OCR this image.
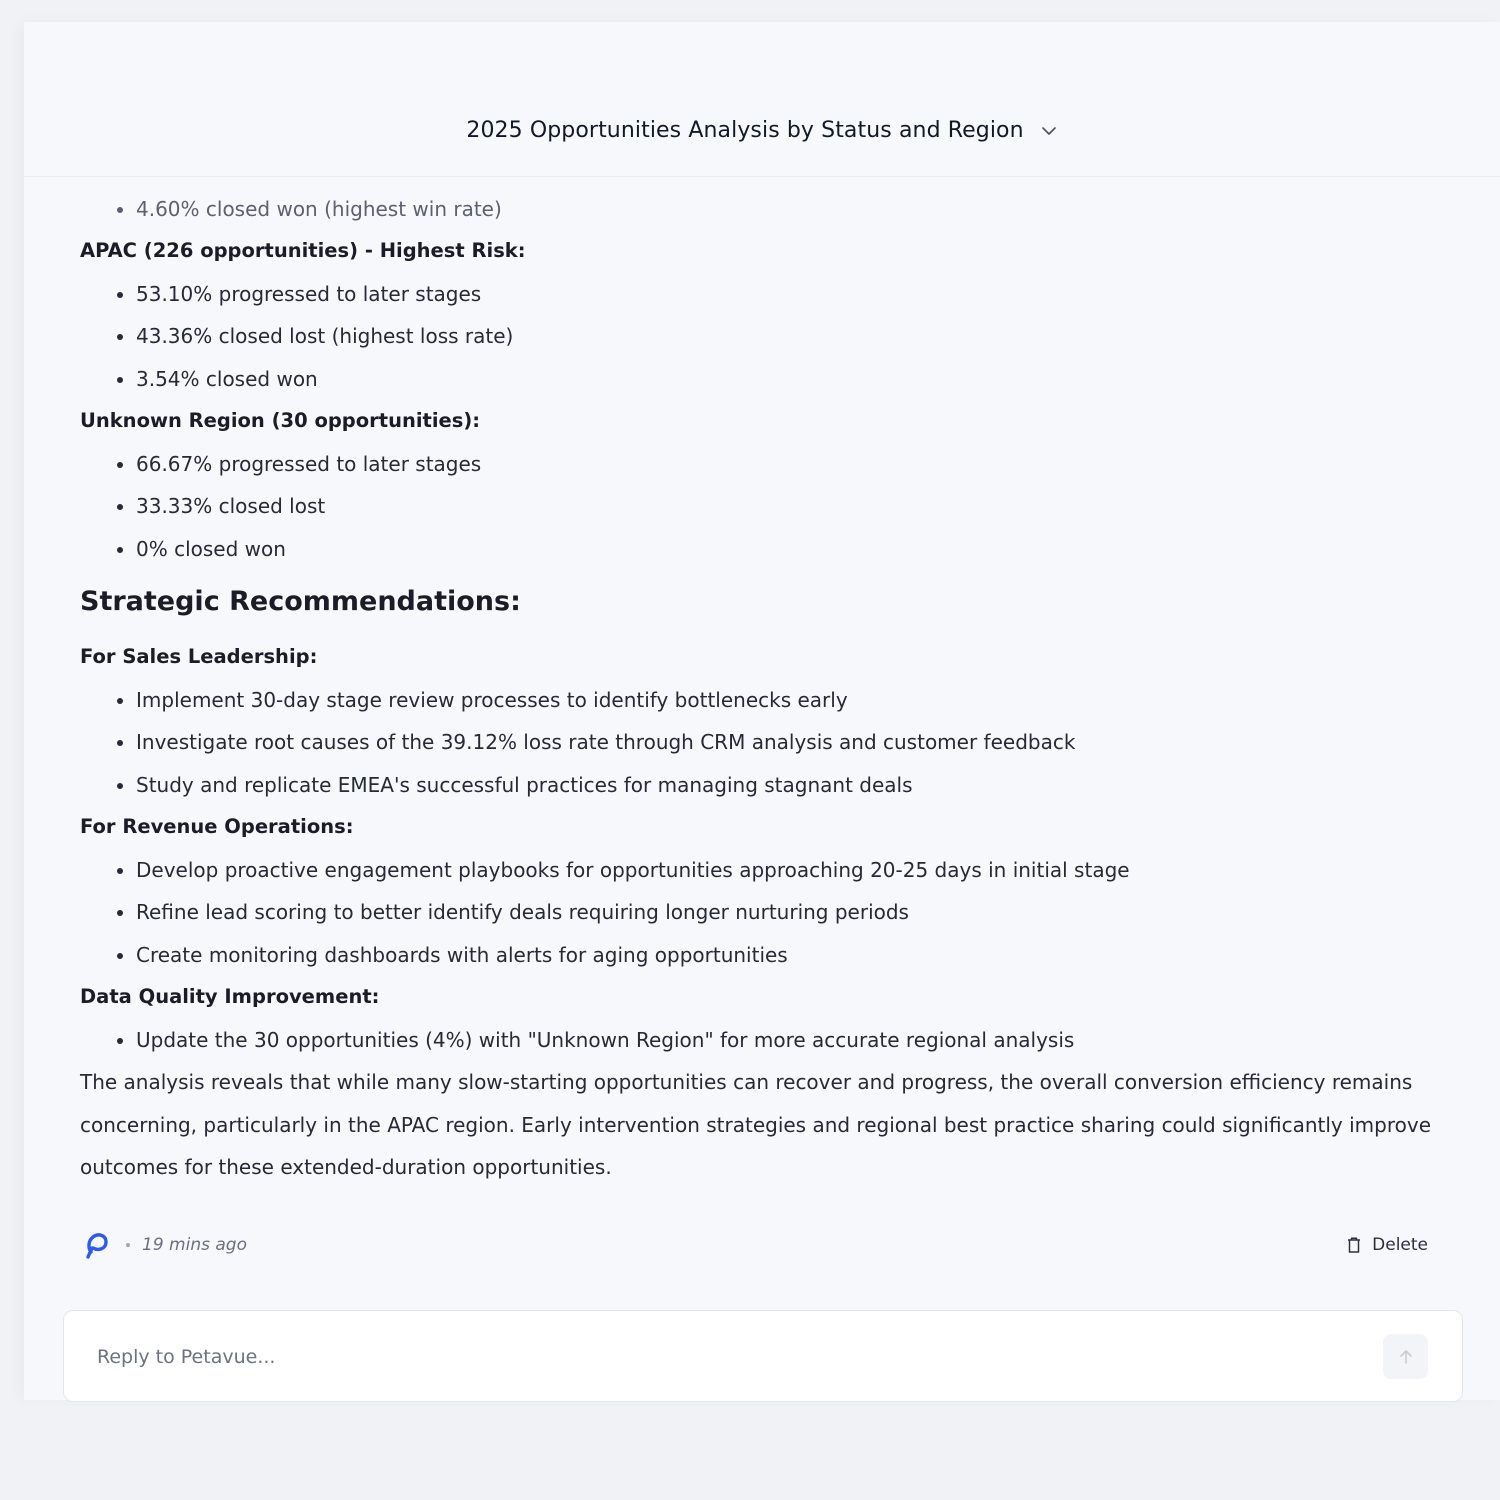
2025 Opportunities Analysis by Status and Region
4.60% closed won (highest win rate)
APAC (226 opportunities) - Highest Risk:
53.10% progressed to later stages
43.36% closed lost (highest loss rate)
3.54% closed won
Unknown Region (30 opportunities):
66.67% progressed to later stages
33.33% closed lost
0% closed won
Strategic Recommendations:
For Sales Leadership:
Implement 30-day stage review processes to identify bottlenecks early
Investigate root causes of the 39.12% loss rate through CRM analysis and customer feedback
Study and replicate EMEA's successful practices for managing stagnant deals
For Revenue Operations:
Develop proactive engagement playbooks for opportunities approaching 20-25 days in initial stage
Refine lead scoring to better identify deals requiring longer nurturing periods
Create monitoring dashboards with alerts for aging opportunities
Data Quality Improvement:
Update the 30 opportunities (4%) with "Unknown Region" for more accurate regional analysis

The analysis reveals that while many slow-starting opportunities can recover and progress, the overall conversion efficiency remains concerning, particularly in the APAC region. Early intervention strategies and regional best practice sharing could significantly improve outcomes for these extended-duration opportunities.

19 mins ago	Delete
Reply to Petavue...
